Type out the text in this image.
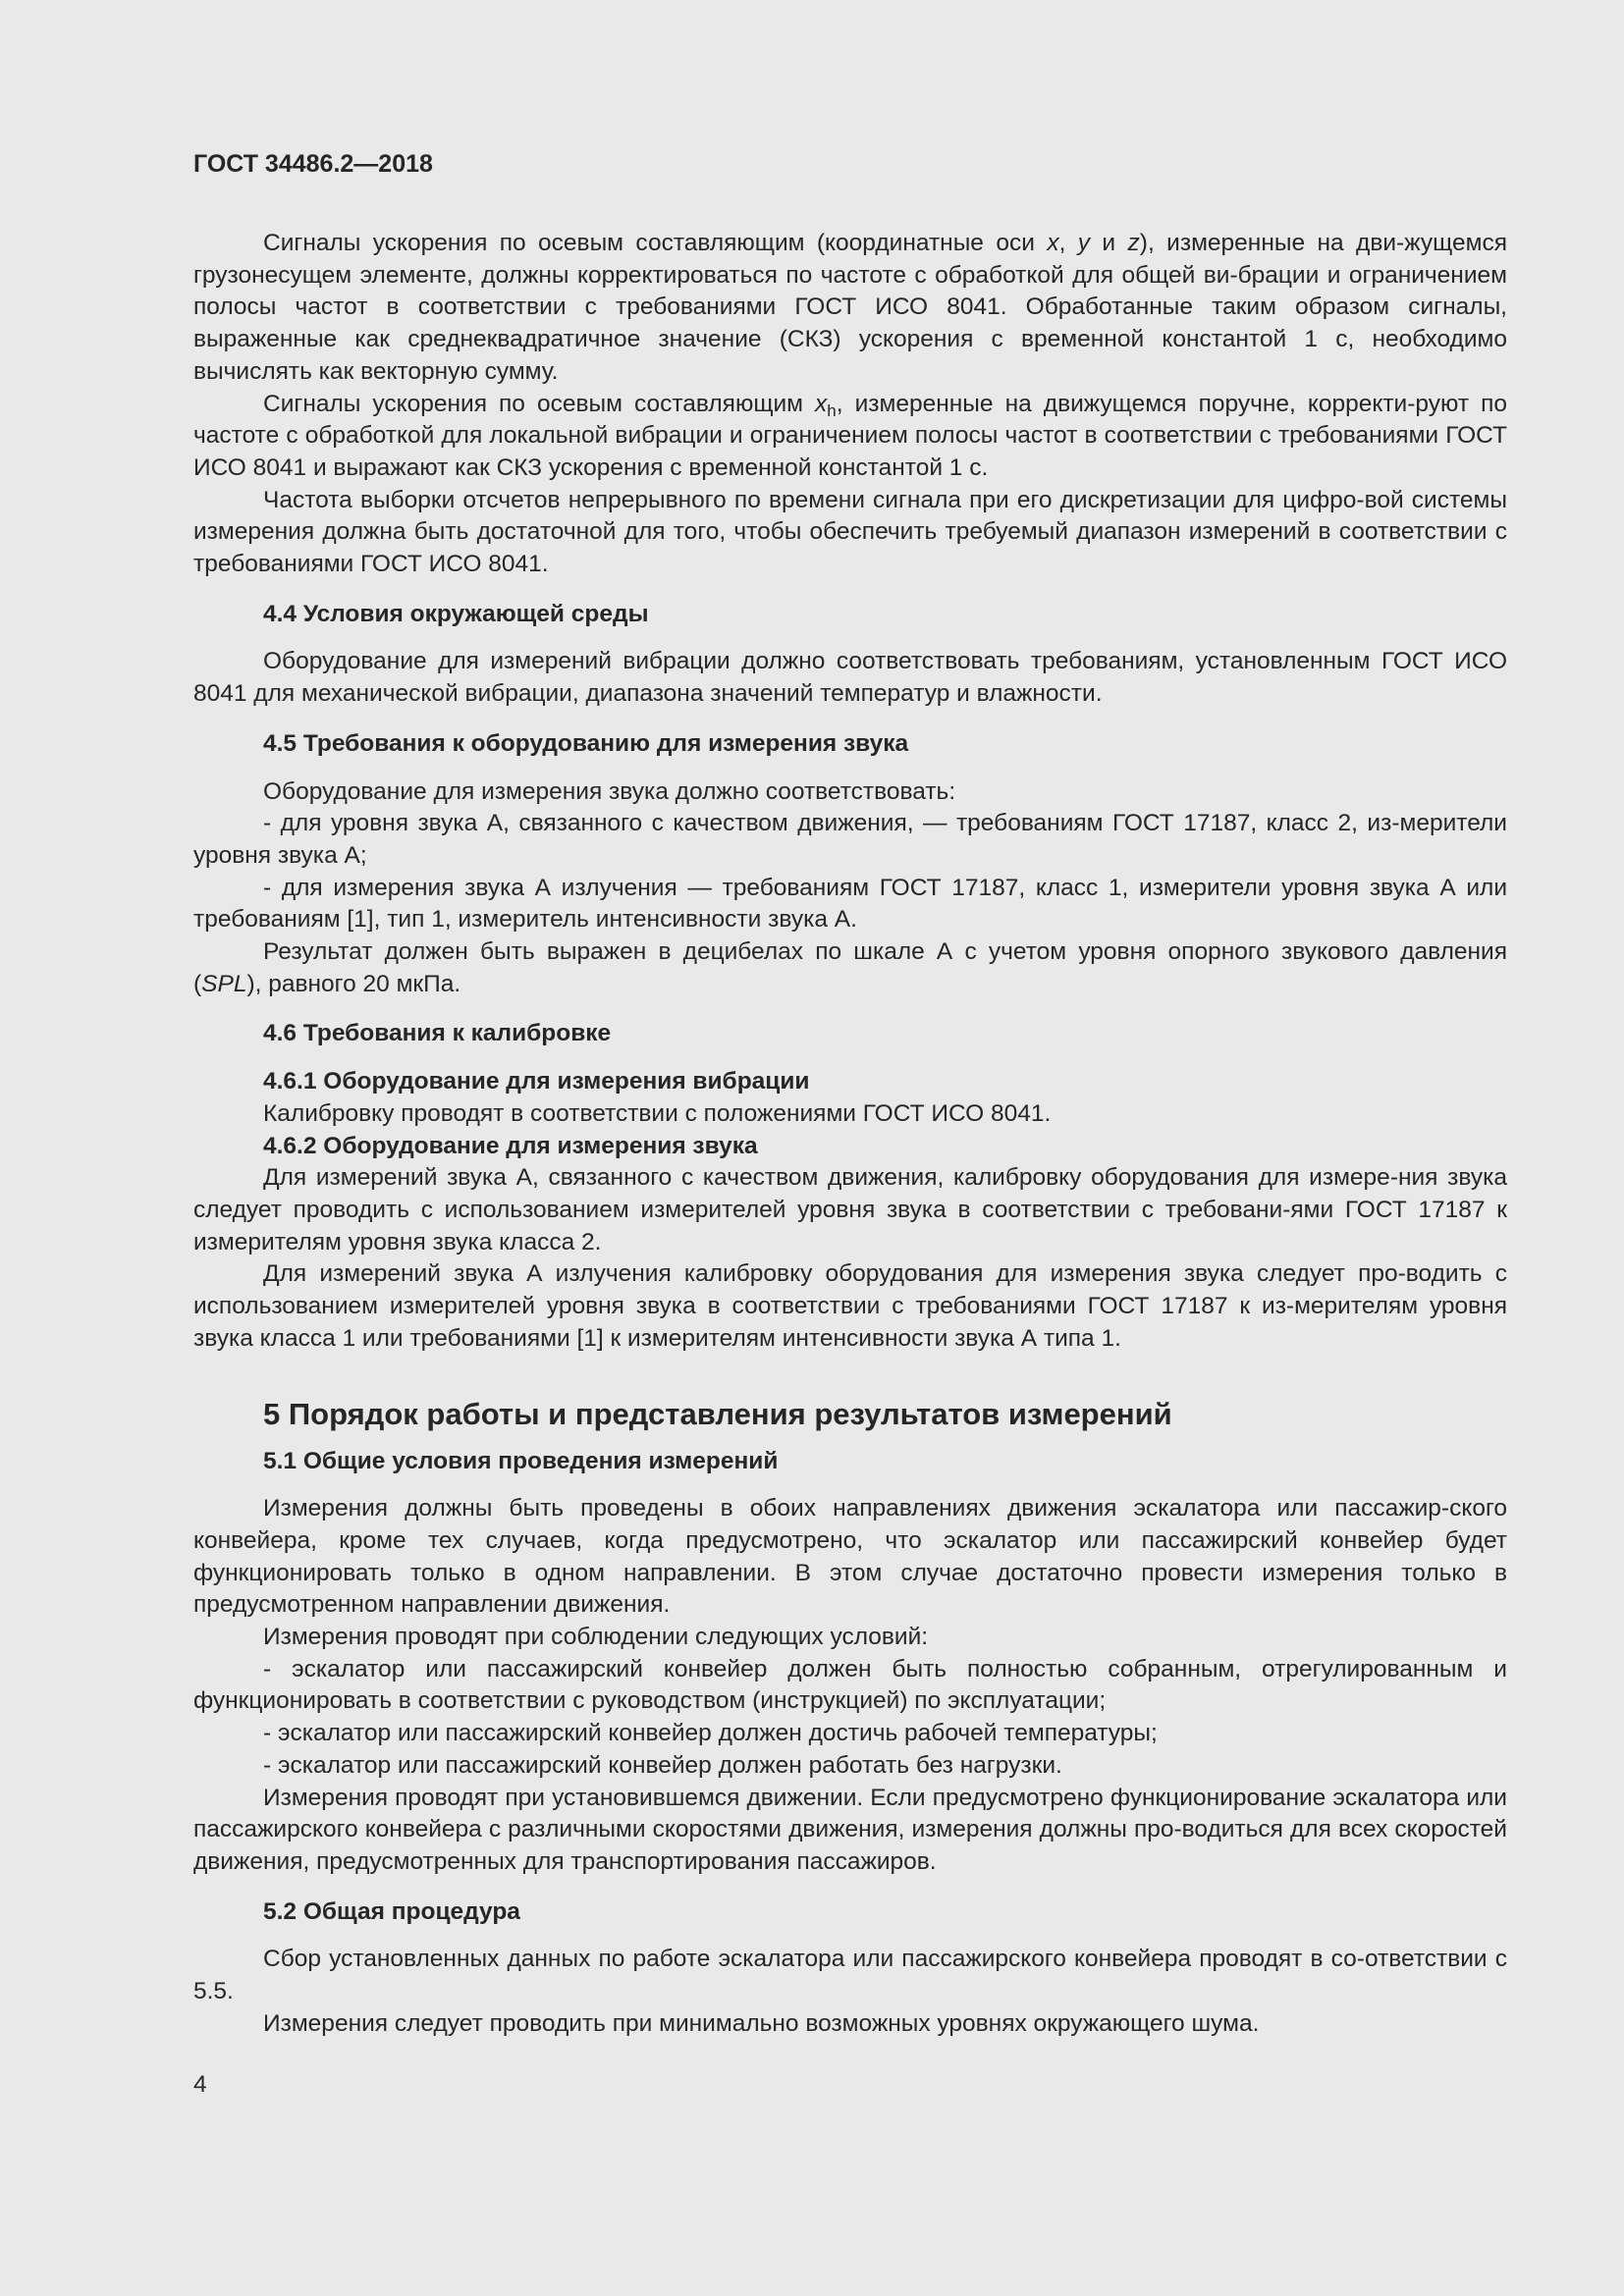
ГОСТ 34486.2—2018

Сигналы ускорения по осевым составляющим (координатные оси x, y и z), измеренные на дви-жущемся грузонесущем элементе, должны корректироваться по частоте с обработкой для общей ви-брации и ограничением полосы частот в соответствии с требованиями ГОСТ ИСО 8041. Обработанные таким образом сигналы, выраженные как среднеквадратичное значение (СКЗ) ускорения с временной константой 1 с, необходимо вычислять как векторную сумму.

Сигналы ускорения по осевым составляющим $x_h$, измеренные на движущемся поручне, корректи-руют по частоте с обработкой для локальной вибрации и ограничением полосы частот в соответствии с требованиями ГОСТ ИСО 8041 и выражают как СКЗ ускорения с временной константой 1 с.

Частота выборки отсчетов непрерывного по времени сигнала при его дискретизации для цифро-вой системы измерения должна быть достаточной для того, чтобы обеспечить требуемый диапазон измерений в соответствии с требованиями ГОСТ ИСО 8041.

4.4 Условия окружающей среды

Оборудование для измерений вибрации должно соответствовать требованиям, установленным ГОСТ ИСО 8041 для механической вибрации, диапазона значений температур и влажности.

4.5 Требования к оборудованию для измерения звука

Оборудование для измерения звука должно соответствовать:

- для уровня звука А, связанного с качеством движения, — требованиям ГОСТ 17187, класс 2, из-мерители уровня звука А;

- для измерения звука А излучения — требованиям ГОСТ 17187, класс 1, измерители уровня звука А или требованиям [1], тип 1, измеритель интенсивности звука А.

Результат должен быть выражен в децибелах по шкале А с учетом уровня опорного звукового давления (SPL), равного 20 мкПа.

4.6 Требования к калибровке
4.6.1 Оборудование для измерения вибрации

Калибровку проводят в соответствии с положениями ГОСТ ИСО 8041.

4.6.2 Оборудование для измерения звука

Для измерений звука А, связанного с качеством движения, калибровку оборудования для измере-ния звука следует проводить с использованием измерителей уровня звука в соответствии с требовани-ями ГОСТ 17187 к измерителям уровня звука класса 2.

Для измерений звука А излучения калибровку оборудования для измерения звука следует про-водить с использованием измерителей уровня звука в соответствии с требованиями ГОСТ 17187 к из-мерителям уровня звука класса 1 или требованиями [1] к измерителям интенсивности звука А типа 1.

5 Порядок работы и представления результатов измерений
5.1 Общие условия проведения измерений

Измерения должны быть проведены в обоих направлениях движения эскалатора или пассажир-ского конвейера, кроме тех случаев, когда предусмотрено, что эскалатор или пассажирский конвейер будет функционировать только в одном направлении. В этом случае достаточно провести измерения только в предусмотренном направлении движения.

Измерения проводят при соблюдении следующих условий:

- эскалатор или пассажирский конвейер должен быть полностью собранным, отрегулированным и функционировать в соответствии с руководством (инструкцией) по эксплуатации;

- эскалатор или пассажирский конвейер должен достичь рабочей температуры;

- эскалатор или пассажирский конвейер должен работать без нагрузки.

Измерения проводят при установившемся движении. Если предусмотрено функционирование эскалатора или пассажирского конвейера с различными скоростями движения, измерения должны про-водиться для всех скоростей движения, предусмотренных для транспортирования пассажиров.

5.2 Общая процедура

Сбор установленных данных по работе эскалатора или пассажирского конвейера проводят в со-ответствии с 5.5.

Измерения следует проводить при минимально возможных уровнях окружающего шума.

4
